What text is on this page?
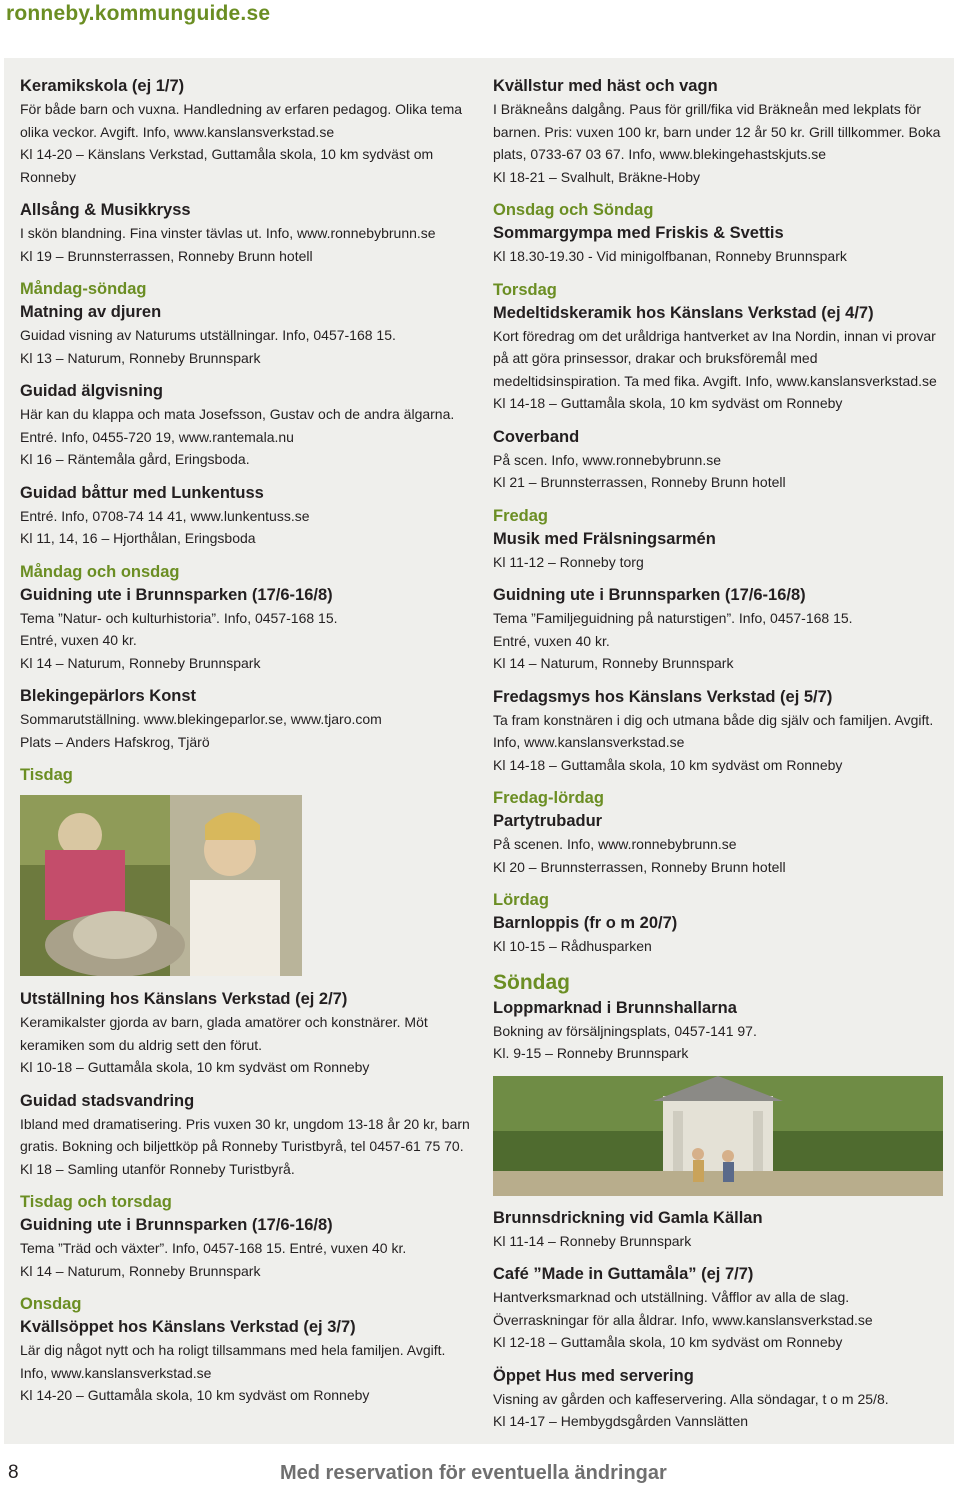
ronneby.kommunguide.se
Keramikskola (ej 1/7)
För både barn och vuxna. Handledning av erfaren pedagog. Olika tema olika veckor. Avgift. Info, www.kanslansverkstad.se
Kl 14-20 – Känslans Verkstad, Guttamåla skola, 10 km sydväst om Ronneby
Allsång & Musikkryss
I skön blandning. Fina vinster tävlas ut. Info, www.ronnebybrunn.se
Kl 19 – Brunnsterrassen, Ronneby Brunn hotell
Måndag-söndag
Matning av djuren
Guidad visning av Naturums utställningar. Info, 0457-168 15.
Kl 13 – Naturum, Ronneby Brunnspark
Guidad älgvisning
Här kan du klappa och mata Josefsson, Gustav och de andra älgarna.
Entré. Info, 0455-720 19, www.rantemala.nu
Kl 16 – Räntemåla gård, Eringsboda.
Guidad båttur med Lunkentuss
Entré. Info, 0708-74 14 41, www.lunkentuss.se
Kl 11, 14, 16 – Hjorthålan, Eringsboda
Måndag och onsdag
Guidning ute i Brunnsparken (17/6-16/8)
Tema ”Natur- och kulturhistoria”. Info, 0457-168 15.
Entré, vuxen 40 kr.
Kl 14 – Naturum, Ronneby Brunnspark
Blekingepärlors Konst
Sommarutställning. www.blekingeparlor.se, www.tjaro.com
Plats – Anders Hafskrog, Tjärö
Tisdag
Utställning hos Känslans Verkstad (ej 2/7)
Keramikalster gjorda av barn, glada amatörer och konstnärer. Möt keramiken som du aldrig sett den förut.
Kl 10-18 – Guttamåla skola, 10 km sydväst om Ronneby
Guidad stadsvandring
Ibland med dramatisering. Pris vuxen 30 kr, ungdom 13-18 år 20 kr, barn gratis. Bokning och biljettköp på Ronneby Turistbyrå, tel 0457-61 75 70.
Kl 18 – Samling utanför Ronneby Turistbyrå.
Tisdag och torsdag
Guidning ute i Brunnsparken (17/6-16/8)
Tema ”Träd och växter”. Info, 0457-168 15. Entré, vuxen 40 kr.
Kl 14 – Naturum, Ronneby Brunnspark
Onsdag
Kvällsöppet hos Känslans Verkstad (ej 3/7)
Lär dig något nytt och ha roligt tillsammans med hela familjen. Avgift. Info, www.kanslansverkstad.se
Kl 14-20 – Guttamåla skola, 10 km sydväst om Ronneby
Kvällstur med häst och vagn
I Bräkneåns dalgång. Paus för grill/fika vid Bräkneån med lekplats för barnen. Pris: vuxen 100 kr, barn under 12 år 50 kr. Grill tillkommer. Boka plats, 0733-67 03 67. Info, www.blekingehastskjuts.se
Kl 18-21 – Svalhult, Bräkne-Hoby
Onsdag och Söndag
Sommargympa med Friskis & Svettis
Kl 18.30-19.30 - Vid minigolfbanan, Ronneby Brunnspark
Torsdag
Medeltidskeramik hos Känslans Verkstad (ej 4/7)
Kort föredrag om det uråldriga hantverket av Ina Nordin, innan vi provar på att göra prinsessor, drakar och bruksföremål med medeltidsinspiration. Ta med fika. Avgift. Info, www.kanslansverkstad.se
Kl 14-18 – Guttamåla skola, 10 km sydväst om Ronneby
Coverband
På scen. Info, www.ronnebybrunn.se
Kl 21 – Brunnsterrassen, Ronneby Brunn hotell
Fredag
Musik med Frälsningsarmén
Kl 11-12 – Ronneby torg
Guidning ute i Brunnsparken (17/6-16/8)
Tema ”Familjeguidning på naturstigen”. Info, 0457-168 15.
Entré, vuxen 40 kr.
Kl 14 – Naturum, Ronneby Brunnspark
Fredagsmys hos Känslans Verkstad (ej 5/7)
Ta fram konstnären i dig och utmana både dig själv och familjen. Avgift. Info, www.kanslansverkstad.se
Kl 14-18 – Guttamåla skola, 10 km sydväst om Ronneby
Fredag-lördag
Partytrubadur
På scenen. Info, www.ronnebybrunn.se
Kl 20 – Brunnsterrassen, Ronneby Brunn hotell
Lördag
Barnloppis (fr o m 20/7)
Kl 10-15 – Rådhusparken
Söndag
Loppmarknad i Brunnshallarna
Bokning av försäljningsplats, 0457-141 97.
Kl. 9-15 – Ronneby Brunnspark
Brunnsdrickning vid Gamla Källan
Kl 11-14 – Ronneby Brunnspark
Café ”Made in Guttamåla” (ej 7/7)
Hantverksmarknad och utställning. Våfflor av alla de slag. Överraskningar för alla åldrar. Info, www.kanslansverkstad.se
Kl 12-18 – Guttamåla skola, 10 km sydväst om Ronneby
Öppet Hus med servering
Visning av gården och kaffeservering. Alla söndagar, t o m 25/8.
Kl 14-17 – Hembygdsgården Vannslätten
8	Med reservation för eventuella ändringar
